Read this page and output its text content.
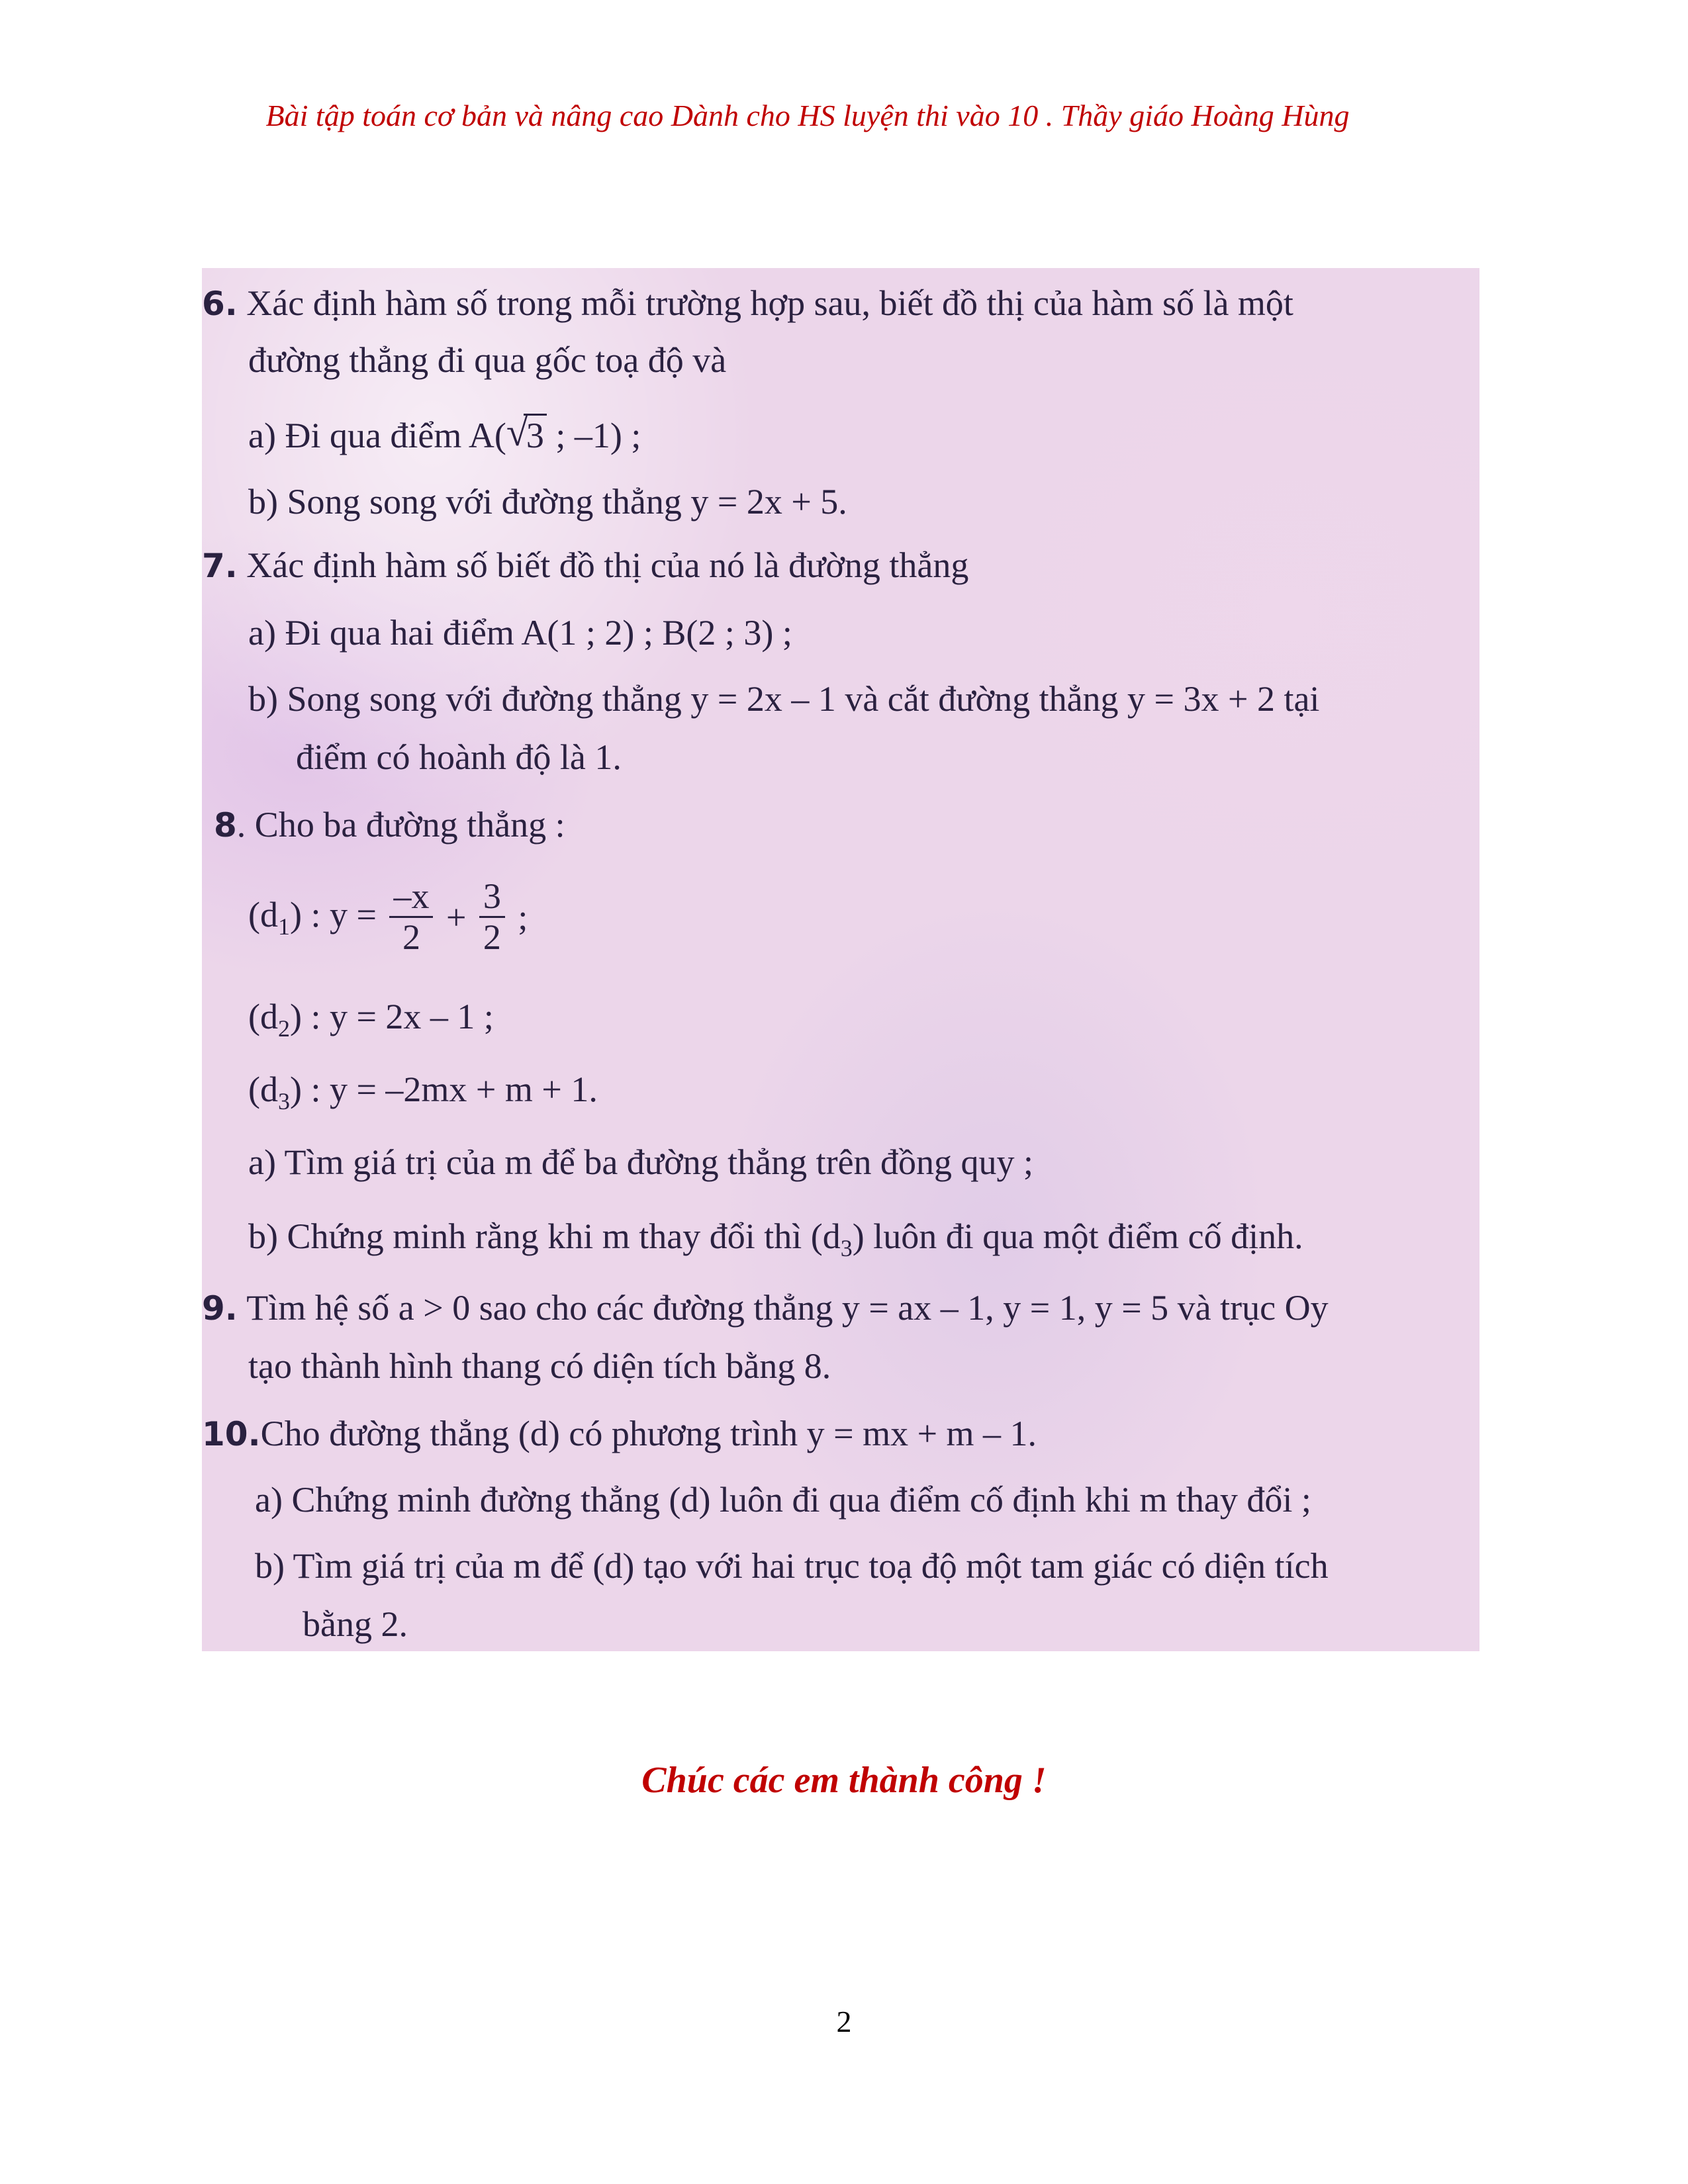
Bài tập toán cơ bản và nâng cao Dành cho HS luyện thi vào 10 . Thầy giáo Hoàng Hùng
6. Xác định hàm số trong mỗi trường hợp sau, biết đồ thị của hàm số là một
đường thẳng đi qua gốc toạ độ và
a) Đi qua điểm A( √
3 ; –1) ;
b) Song song với đường thẳng y = 2x + 5.
7. Xác định hàm số biết đồ thị của nó là đường thẳng
a) Đi qua hai điểm A(1 ; 2) ; B(2 ; 3) ;
b) Song song với đường thẳng y = 2x – 1 và cắt đường thẳng y = 3x + 2 tại
điểm có hoành độ là 1.
8. Cho ba đường thẳng :
$(d_1)$ : $y = \frac{-x}{2} + \frac{3}{2}$ ;
$(d_2)$ : y = 2x – 1 ;
$(d_3)$ : y = –2mx + m + 1.
a) Tìm giá trị của m để ba đường thẳng trên đồng quy ;
b) Chứng minh rằng khi m thay đổi thì $(d_3)$ luôn đi qua một điểm cố định.
9. Tìm hệ số a > 0 sao cho các đường thẳng y = ax – 1, y = 1, y = 5 và trục Oy
tạo thành hình thang có diện tích bằng 8.
10.Cho đường thẳng (d) có phương trình y = mx + m – 1.
a) Chứng minh đường thẳng (d) luôn đi qua điểm cố định khi m thay đổi ;
b) Tìm giá trị của m để (d) tạo với hai trục toạ độ một tam giác có diện tích
bằng 2.
Chúc các em thành công !
2
